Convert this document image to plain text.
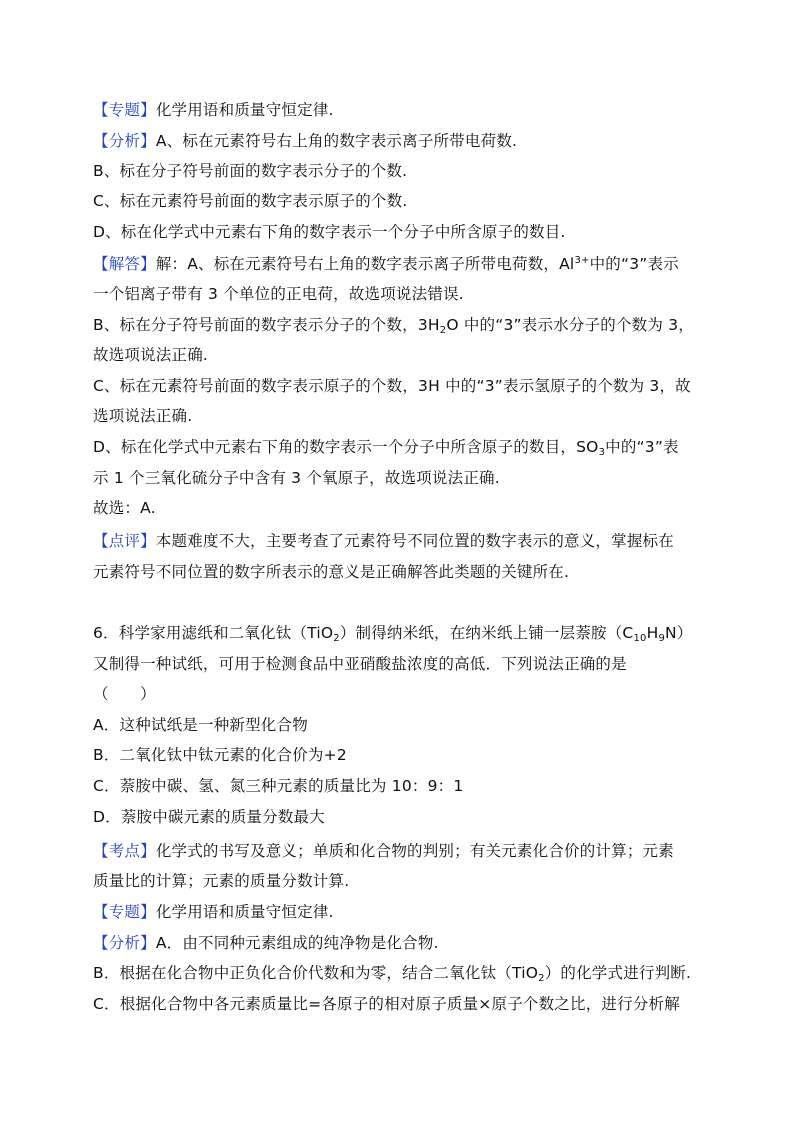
【专题】化学用语和质量守恒定律.
【分析】A、标在元素符号右上角的数字表示离子所带电荷数.
B、标在分子符号前面的数字表示分子的个数.
C、标在元素符号前面的数字表示原子的个数.
D、标在化学式中元素右下角的数字表示一个分子中所含原子的数目.
【解答】解：A、标在元素符号右上角的数字表示离子所带电荷数，$Al^{3+}$中的“3”表示
一个铝离子带有 3 个单位的正电荷，故选项说法错误.
B、标在分子符号前面的数字表示分子的个数，$3H_2O$ 中的“3”表示水分子的个数为 3，
故选项说法正确.
C、标在元素符号前面的数字表示原子的个数，3H 中的“3”表示氢原子的个数为 3，故
选项说法正确.
D、标在化学式中元素右下角的数字表示一个分子中所含原子的数目，$SO_3$中的“3”表
示 1 个三氧化硫分子中含有 3 个氧原子，故选项说法正确.
故选：A.
【点评】本题难度不大，主要考查了元素符号不同位置的数字表示的意义，掌握标在
元素符号不同位置的数字所表示的意义是正确解答此类题的关键所在.
6．科学家用滤纸和二氧化钛（TiO$_2$）制得纳米纸，在纳米纸上铺一层萘胺$(C_{10}H_9N)$
又制得一种试纸，可用于检测食品中亚硝酸盐浓度的高低．下列说法正确的是
（　　）
A．这种试纸是一种新型化合物
B．二氧化钛中钛元素的化合价为+2
C．萘胺中碳、氢、氮三种元素的质量比为 10：9：1
D．萘胺中碳元素的质量分数最大
【考点】化学式的书写及意义；单质和化合物的判别；有关元素化合价的计算；元素
质量比的计算；元素的质量分数计算.
【专题】化学用语和质量守恒定律.
【分析】A．由不同种元素组成的纯净物是化合物.
B．根据在化合物中正负化合价代数和为零，结合二氧化钛（TiO$_2$）的化学式进行判断.
C．根据化合物中各元素质量比=各原子的相对原子质量×原子个数之比，进行分析解
